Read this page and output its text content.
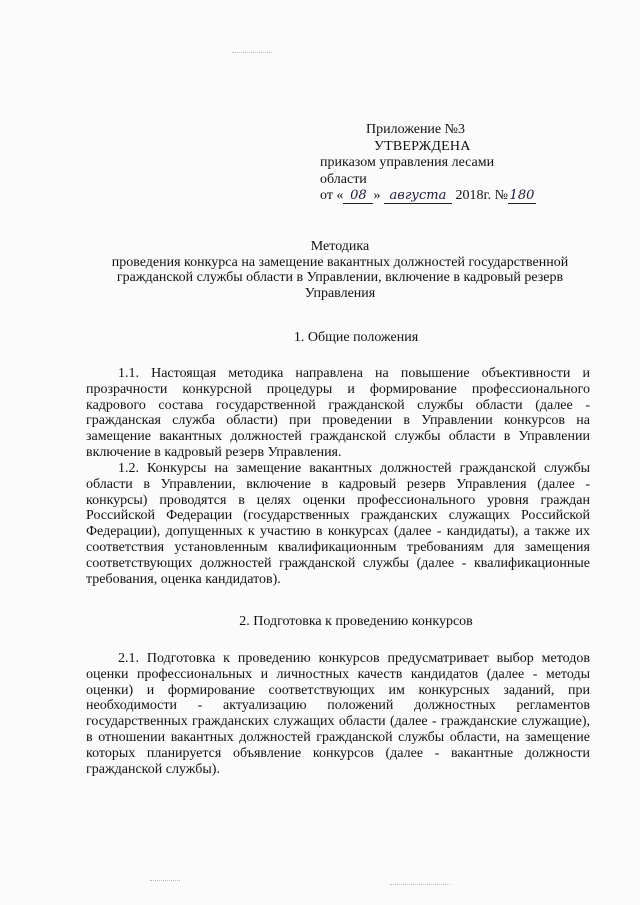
Приложение №3
УТВЕРЖДЕНА
приказом управления лесами
области
от « 08 » августа 2018г. № 180
Методика
проведения конкурса на замещение вакантных должностей государственной
гражданской службы области в Управлении, включение в кадровый резерв
Управления
1. Общие положения

1.1. Настоящая методика направлена на повышение объективности и прозрачности конкурсной процедуры и формирование профессионального кадрового состава государственной гражданской службы области (далее - гражданская служба области) при проведении в Управлении конкурсов на замещение вакантных должностей гражданской службы области в Управлении включение в кадровый резерв Управления.

1.2. Конкурсы на замещение вакантных должностей гражданской службы области в Управлении, включение в кадровый резерв Управления (далее - конкурсы) проводятся в целях оценки профессионального уровня граждан Российской Федерации (государственных гражданских служащих Российской Федерации), допущенных к участию в конкурсах (далее - кандидаты), а также их соответствия установленным квалификационным требованиям для замещения соответствующих должностей гражданской службы (далее - квалификационные требования, оценка кандидатов).

2. Подготовка к проведению конкурсов

2.1. Подготовка к проведению конкурсов предусматривает выбор методов оценки профессиональных и личностных качеств кандидатов (далее - методы оценки) и формирование соответствующих им конкурсных заданий, при необходимости - актуализацию положений должностных регламентов государственных гражданских служащих области (далее - гражданские служащие), в отношении вакантных должностей гражданской службы области, на замещение которых планируется объявление конкурсов (далее - вакантные должности гражданской службы).
